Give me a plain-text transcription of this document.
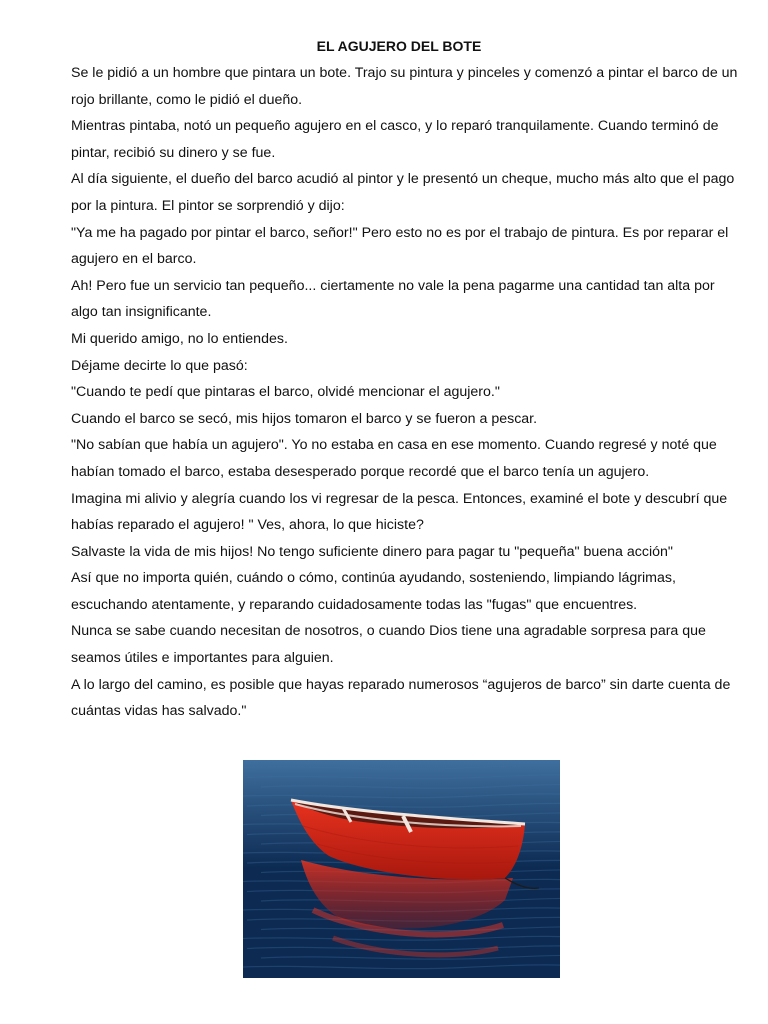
EL AGUJERO DEL BOTE

Se le pidió a un hombre que pintara un bote. Trajo su pintura y pinceles y comenzó a pintar el barco de un rojo brillante, como le pidió el dueño.

Mientras pintaba, notó un pequeño agujero en el casco, y lo reparó tranquilamente. Cuando terminó de pintar, recibió su dinero y se fue.

Al día siguiente, el dueño del barco acudió al pintor y le presentó un cheque, mucho más alto que el pago por la pintura. El pintor se sorprendió y dijo:

"Ya me ha pagado por pintar el barco, señor!" Pero esto no es por el trabajo de pintura. Es por reparar el agujero en el barco.

Ah! Pero fue un servicio tan pequeño... ciertamente no vale la pena pagarme una cantidad tan alta por algo tan insignificante.

Mi querido amigo, no lo entiendes.

Déjame decirte lo que pasó:

"Cuando te pedí que pintaras el barco, olvidé mencionar el agujero."

Cuando el barco se secó, mis hijos tomaron el barco y se fueron a pescar.

"No sabían que había un agujero". Yo no estaba en casa en ese momento. Cuando regresé y noté que habían tomado el barco, estaba desesperado porque recordé que el barco tenía un agujero.

Imagina mi alivio y alegría cuando los vi regresar de la pesca. Entonces, examiné el bote y descubrí que habías reparado el agujero! " Ves, ahora, lo que hiciste?

Salvaste la vida de mis hijos! No tengo suficiente dinero para pagar tu "pequeña" buena acción"

Así que no importa quién, cuándo o cómo, continúa ayudando, sosteniendo, limpiando lágrimas, escuchando atentamente, y reparando cuidadosamente todas las "fugas" que encuentres.

Nunca se sabe cuando necesitan de nosotros, o cuando Dios tiene una agradable sorpresa para que seamos útiles e importantes para alguien.

A lo largo del camino, es posible que hayas reparado numerosos “agujeros de barco” sin darte cuenta de cuántas vidas has salvado."
